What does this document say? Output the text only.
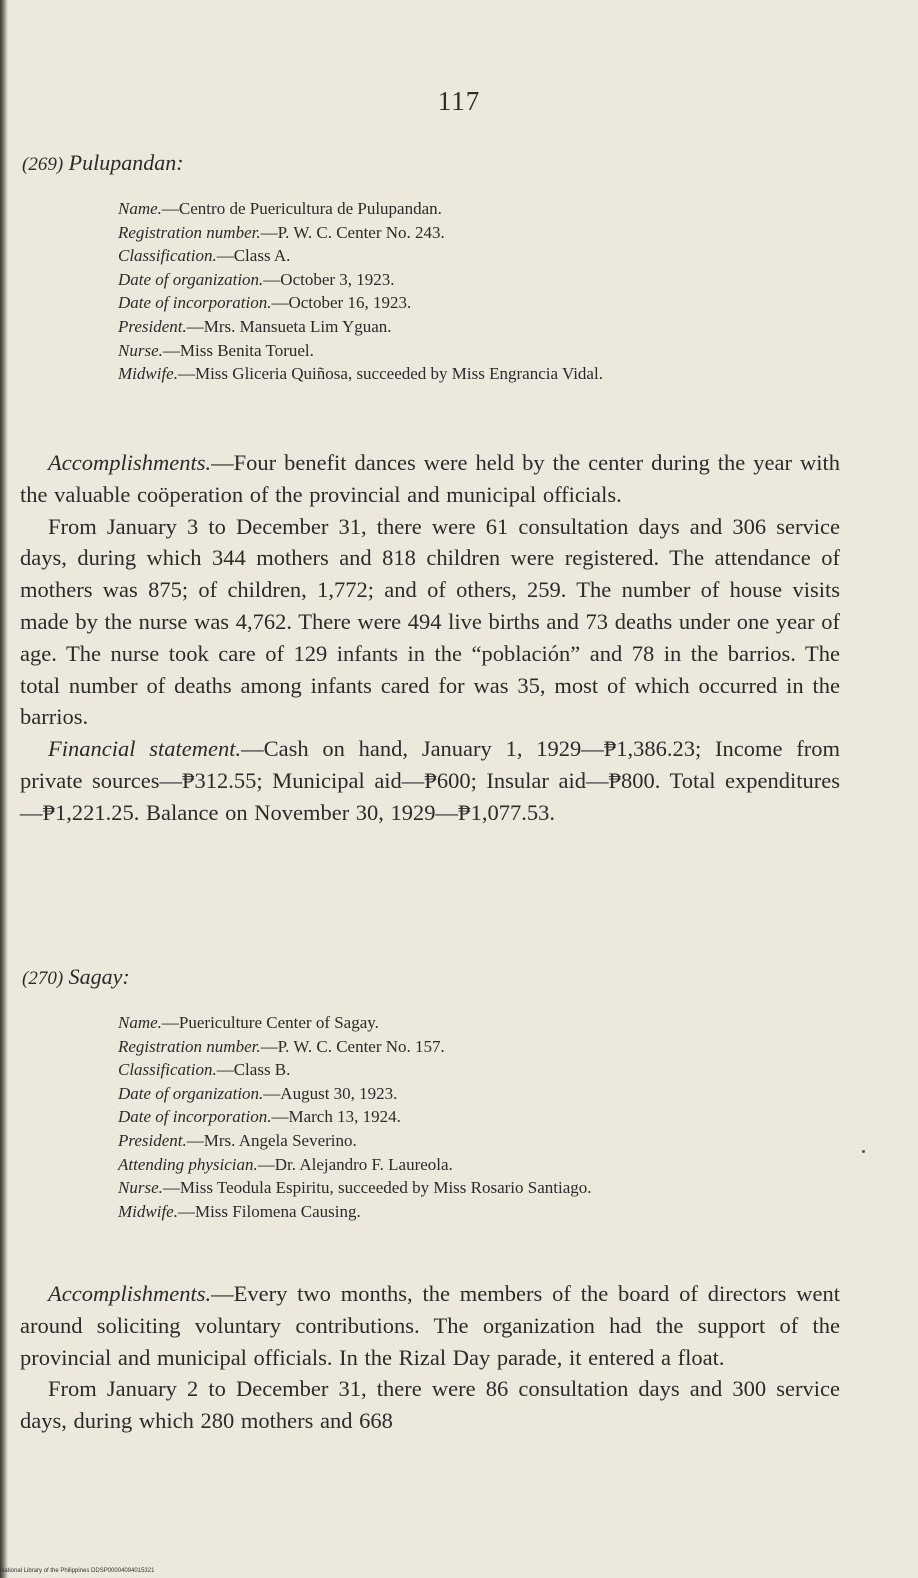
117
(269) Pulupandan:
Name.—Centro de Puericultura de Pulupandan.
Registration number.—P. W. C. Center No. 243.
Classification.—Class A.
Date of organization.—October 3, 1923.
Date of incorporation.—October 16, 1923.
President.—Mrs. Mansueta Lim Yguan.
Nurse.—Miss Benita Toruel.
Midwife.—Miss Gliceria Quiñosa, succeeded by Miss Engrancia Vidal.

Accomplishments.—Four benefit dances were held by the center during the year with the valuable coöperation of the provincial and municipal officials.

From January 3 to December 31, there were 61 consultation days and 306 service days, during which 344 mothers and 818 children were registered. The attendance of mothers was 875; of children, 1,772; and of others, 259. The number of house visits made by the nurse was 4,762. There were 494 live births and 73 deaths under one year of age. The nurse took care of 129 infants in the “población” and 78 in the barrios. The total number of deaths among infants cared for was 35, most of which occurred in the barrios.

Financial statement.—Cash on hand, January 1, 1929—₱1,386.23; Income from private sources—₱312.55; Municipal aid—₱600; Insular aid—₱800. Total expenditures—₱1,221.25. Balance on November 30, 1929—₱1,077.53.

(270) Sagay:
Name.—Puericulture Center of Sagay.
Registration number.—P. W. C. Center No. 157.
Classification.—Class B.
Date of organization.—August 30, 1923.
Date of incorporation.—March 13, 1924.
President.—Mrs. Angela Severino.
Attending physician.—Dr. Alejandro F. Laureola.
Nurse.—Miss Teodula Espiritu, succeeded by Miss Rosario Santiago.
Midwife.—Miss Filomena Causing.

Accomplishments.—Every two months, the members of the board of directors went around soliciting voluntary contributions. The organization had the support of the provincial and municipal officials. In the Rizal Day parade, it entered a float.

From January 2 to December 31, there were 86 consultation days and 300 service days, during which 280 mothers and 668

National Library of the Philippines DDSP00004094015321
